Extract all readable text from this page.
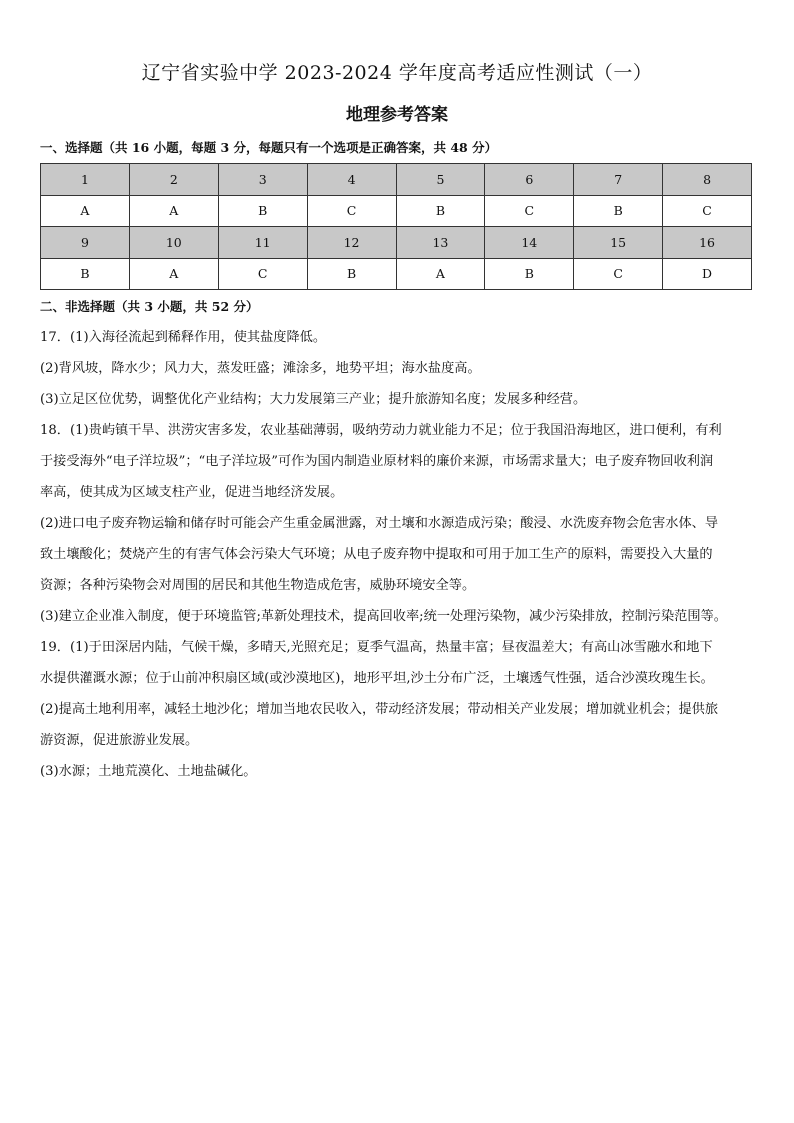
辽宁省实验中学 2023-2024 学年度高考适应性测试（一）
地理参考答案
一、选择题（共 16 小题，每题 3 分，每题只有一个选项是正确答案，共 48 分）
1	2	3	4	5	6	7	8
A	A	B	C	B	C	B	C
9	10	11	12	13	14	15	16
B	A	C	B	A	B	C	D
二、非选择题（共 3 小题，共 52 分）

17．(1)入海径流起到稀释作用，使其盐度降低。

(2)背风坡，降水少；风力大，蒸发旺盛；滩涂多，地势平坦；海水盐度高。

(3)立足区位优势，调整优化产业结构；大力发展第三产业；提升旅游知名度；发展多种经营。

18．(1)贵屿镇干旱、洪涝灾害多发，农业基础薄弱，吸纳劳动力就业能力不足；位于我国沿海地区，进口便利，有利

于接受海外“电子洋垃圾”；“电子洋垃圾”可作为国内制造业原材料的廉价来源，市场需求量大；电子废弃物回收利润

率高，使其成为区域支柱产业，促进当地经济发展。

(2)进口电子废弃物运输和储存时可能会产生重金属泄露，对土壤和水源造成污染；酸浸、水洗废弃物会危害水体、导

致土壤酸化；焚烧产生的有害气体会污染大气环境；从电子废弃物中提取和可用于加工生产的原料，需要投入大量的

资源；各种污染物会对周围的居民和其他生物造成危害，威胁环境安全等。

(3)建立企业准入制度，便于环境监管;革新处理技术，提高回收率;统一处理污染物，减少污染排放，控制污染范围等。

19．(1)于田深居内陆，气候干燥，多晴天,光照充足；夏季气温高，热量丰富；昼夜温差大；有高山冰雪融水和地下

水提供灌溉水源；位于山前冲积扇区域(或沙漠地区)，地形平坦,沙土分布广泛，土壤透气性强，适合沙漠玫瑰生长。

(2)提高土地利用率，减轻土地沙化；增加当地农民收入，带动经济发展；带动相关产业发展；增加就业机会；提供旅

游资源，促进旅游业发展。

(3)水源；土地荒漠化、土地盐碱化。
